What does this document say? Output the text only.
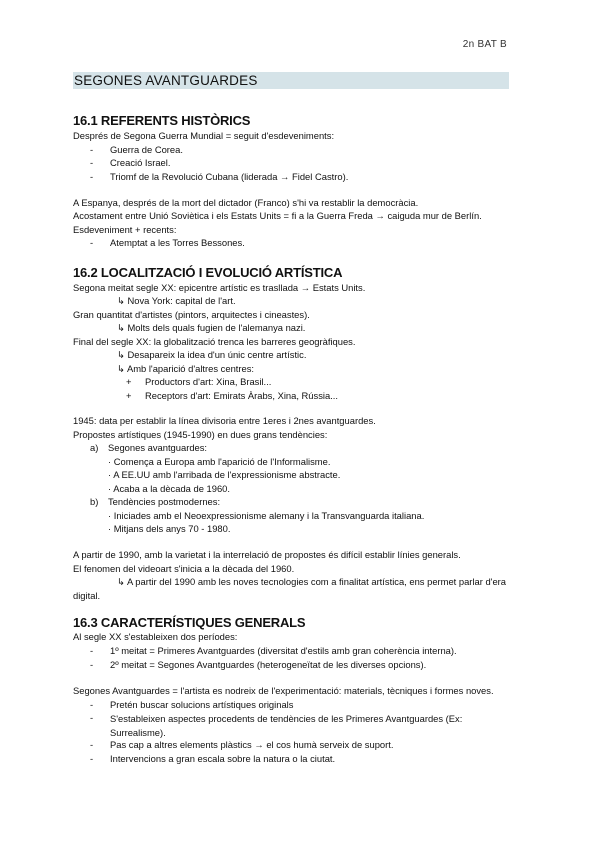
2n BAT B
SEGONES AVANTGUARDES
16.1 REFERENTS HISTÒRICS
Després de Segona Guerra Mundial = seguit d'esdeveniments:
- Guerra de Corea.
- Creació Israel.
- Triomf de la Revolució Cubana (liderada → Fidel Castro).
A Espanya, després de la mort del dictador (Franco) s'hi va restablir la democràcia.
Acostament entre Unió Soviètica i els Estats Units = fi a la Guerra Freda → caiguda mur de Berlín.
Esdeveniment + recents:
- Atemptat a les Torres Bessones.
16.2 LOCALITZACIÓ I EVOLUCIÓ ARTÍSTICA
Segona meitat segle XX: epicentre artístic es trasllada → Estats Units.
↳ Nova York: capital de l'art.
Gran quantitat d'artistes (pintors, arquitectes i cineastes).
↳ Molts dels quals fugien de l'alemanya nazi.
Final del segle XX: la globalització trenca les barreres geogràfiques.
↳ Desapareix la idea d'un únic centre artístic.
↳ Amb l'aparició d'altres centres:
+ Productors d'art: Xina, Brasil...
+ Receptors d'art: Emirats Àrabs, Xina, Rússia...
1945: data per establir la línea divisoria entre 1eres i 2nes avantguardes.
Propostes artístiques (1945-1990) en dues grans tendències:
a) Segones avantguardes:
· Comença a Europa amb l'aparició de l'Informalisme.
· A EE.UU amb l'arribada de l'expressionisme abstracte.
· Acaba a la dècada de 1960.
b) Tendències postmodernes:
· Iniciades amb el Neoexpressionisme alemany i la Transvanguarda italiana.
· Mitjans dels anys 70 - 1980.
A partir de 1990, amb la varietat i la interrelació de propostes és difícil establir línies generals.
El fenomen del videoart s'inicia a la dècada del 1960.
↳ A partir del 1990 amb les noves tecnologies com a finalitat artística, ens permet parlar d'era
digital.
16.3 CARACTERÍSTIQUES GENERALS
Al segle XX s'estableixen dos períodes:
- 1º meitat = Primeres Avantguardes (diversitat d'estils amb gran coherència interna).
- 2º meitat = Segones Avantguardes (heterogeneïtat de les diverses opcions).
Segones Avantguardes = l'artista es nodreix de l'experimentació: materials, tècniques i formes noves.
- Pretén buscar solucions artístiques originals
- S'estableixen aspectes procedents de tendències de les Primeres Avantguardes (Ex: Surrealisme).
- Pas cap a altres elements plàstics → el cos humà serveix de suport.
- Intervencions a gran escala sobre la natura o la ciutat.
